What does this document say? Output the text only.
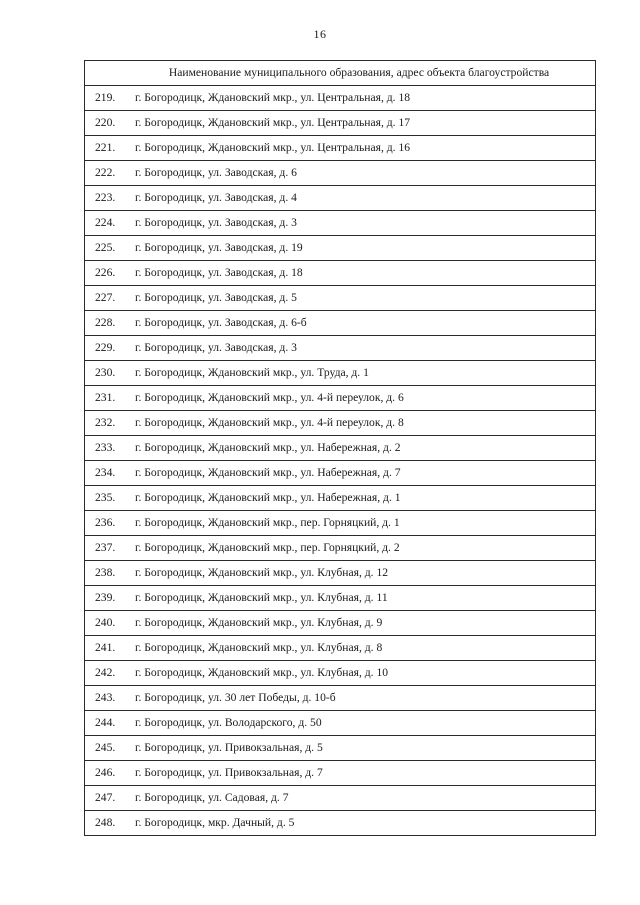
16
Наименование муниципального образования, адрес объекта благоустройства
219. г. Богородицк, Ждановский мкр., ул. Центральная, д. 18
220. г. Богородицк, Ждановский мкр., ул. Центральная, д. 17
221. г. Богородицк, Ждановский мкр., ул. Центральная, д. 16
222. г. Богородицк, ул. Заводская, д. 6
223. г. Богородицк, ул. Заводская, д. 4
224. г. Богородицк, ул. Заводская, д. 3
225. г. Богородицк, ул. Заводская, д. 19
226. г. Богородицк, ул. Заводская, д. 18
227. г. Богородицк, ул. Заводская, д. 5
228. г. Богородицк, ул. Заводская, д. 6-б
229. г. Богородицк, ул. Заводская, д. 3
230. г. Богородицк, Ждановский мкр., ул. Труда, д. 1
231. г. Богородицк, Ждановский мкр., ул. 4-й переулок, д. 6
232. г. Богородицк, Ждановский мкр., ул. 4-й переулок, д. 8
233. г. Богородицк, Ждановский мкр., ул. Набережная, д. 2
234. г. Богородицк, Ждановский мкр., ул. Набережная, д. 7
235. г. Богородицк, Ждановский мкр., ул. Набережная, д. 1
236. г. Богородицк, Ждановский мкр., пер. Горняцкий, д. 1
237. г. Богородицк, Ждановский мкр., пер. Горняцкий, д. 2
238. г. Богородицк, Ждановский мкр., ул. Клубная, д. 12
239. г. Богородицк, Ждановский мкр., ул. Клубная, д. 11
240. г. Богородицк, Ждановский мкр., ул. Клубная, д. 9
241. г. Богородицк, Ждановский мкр., ул. Клубная, д. 8
242. г. Богородицк, Ждановский мкр., ул. Клубная, д. 10
243. г. Богородицк, ул. 30 лет Победы, д. 10-б
244. г. Богородицк, ул. Володарского, д. 50
245. г. Богородицк, ул. Привокзальная, д. 5
246. г. Богородицк, ул. Привокзальная, д. 7
247. г. Богородицк, ул. Садовая, д. 7
248. г. Богородицк, мкр. Дачный, д. 5
